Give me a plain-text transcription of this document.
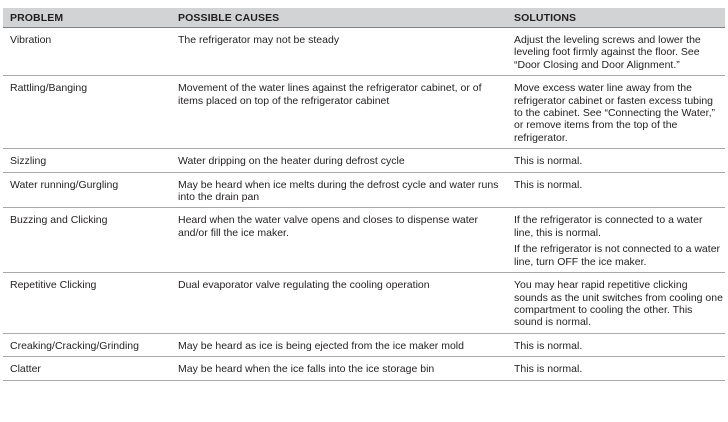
PROBLEM	POSSIBLE CAUSES	SOLUTIONS
Vibration	The refrigerator may not be steady	Adjust the leveling screws and lower the leveling foot firmly against the floor. See “Door Closing and Door Alignment.”

Rattling/Banging	Movement of the water lines against the refrigerator cabinet, or of items placed on top of the refrigerator cabinet	Move excess water line away from the refrigerator cabinet or fasten excess tubing to the cabinet. See “Connecting the Water,” or remove items from the top of the refrigerator.

Sizzling	Water dripping on the heater during defrost cycle	This is normal.

Water running/Gurgling	May be heard when ice melts during the defrost cycle and water runs into the drain pan	This is normal.

Buzzing and Clicking	Heard when the water valve opens and closes to dispense water and/or fill the ice maker.	If the refrigerator is connected to a water line, this is normal.
If the refrigerator is not connected to a water line, turn OFF the ice maker.

Repetitive Clicking	Dual evaporator valve regulating the cooling operation	You may hear rapid repetitive clicking sounds as the unit switches from cooling one compartment to cooling the other. This sound is normal.

Creaking/Cracking/Grinding	May be heard as ice is being ejected from the ice maker mold	This is normal.

Clatter	May be heard when the ice falls into the ice storage bin	This is normal.
